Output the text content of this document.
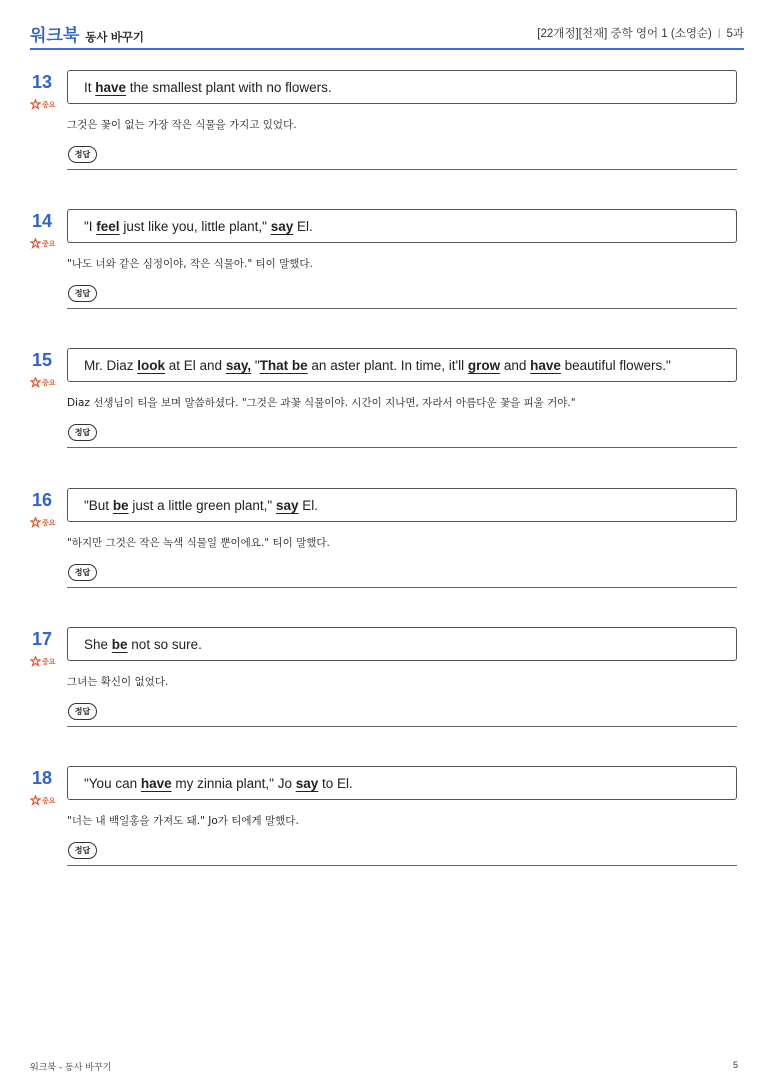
워크북 동사 바꾸기	[22개정][천재] 중학 영어 1 (소영순) | 5과
13
중요
It have the smallest plant with no flowers.
그것은 꽃이 없는 가장 작은 식물을 가지고 있었다.
정답
14
중요
"I feel just like you, little plant," say El.
"나도 너와 같은 심정이야, 작은 식물아." 티이 말했다.
정답
15
중요
Mr. Diaz look at El and say, " That be an aster plant. In time, it'll grow and have beautiful flowers."
Diaz 선생님이 티을 보며 말씀하셨다. "그것은 과꽃 식물이야. 시간이 지나면, 자라서 아름다운 꽃을 피울 거야."
정답
16
중요
"But be just a little green plant," say El.
"하지만 그것은 작은 녹색 식물일 뿐이에요." 티이 말했다.
정답
17
중요
She be not so sure.
그녀는 확신이 없었다.
정답
18
중요
"You can have my zinnia plant," Jo say to El.
"너는 내 백일홍을 가져도 돼." Jo가 티에게 말했다.
정답
워크북 - 동사 바꾸기	5
